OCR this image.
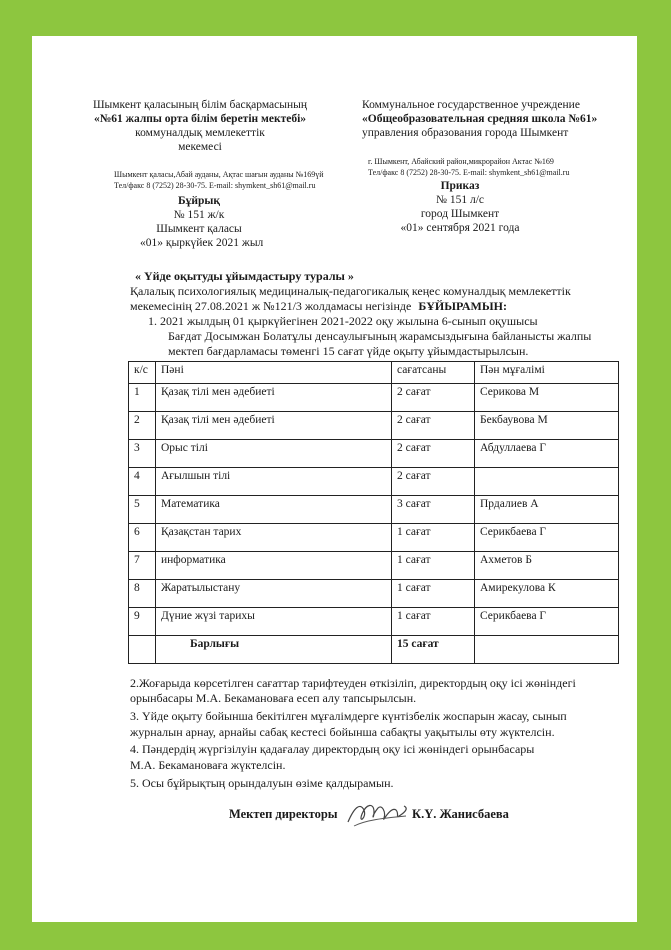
Шымкент қаласының білім басқармасының
«№61 жалпы орта білім беретін мектебі»
коммуналдық мемлекеттік
мекемесі
Шымкент қаласы,Абай ауданы, Ақтас шағын ауданы №169үй
Тел/факс 8 (7252) 28-30-75. E-mail: shymkent_sh61@mail.ru
Бұйрық
№ 151 ж/к
Шымкент қаласы
«01» қыркүйек 2021 жыл
Коммунальное государственное учреждение
«Общеобразовательная средняя школа №61»
управления образования города Шымкент
г. Шымкент, Абайский район,микрорайон Актас №169
Тел/факс 8 (7252) 28-30-75. E-mail: shymkent_sh61@mail.ru
Приказ
№ 151 л/с
город Шымкент
«01» сентября 2021 года
« Үйде оқытуды ұйымдастыру туралы »
Қалалық психологиялық медициналық-педагогикалық кеңес комуналдық мемлекеттік
мекемесінің 27.08.2021 ж №121/3 жолдамасы негізінде БҰЙЫРАМЫН:
1. 2021 жылдың 01 қыркүйегінен 2021-2022 оқу жылына 6-сынып оқушысы
Бағдат Досымжан Болатұлы денсаулығының жарамсыздығына байланысты жалпы
мектеп бағдарламасы төменгі 15 сағат үйде оқыту ұйымдастырылсын.
к/с	Пәні	сағатсаны	Пән мұғалімі
1	Қазақ тілі мен әдебиеті	2 сағат	Серикова М
2	Қазақ тілі мен әдебиеті	2 сағат	Бекбаувова М
3	Орыс тілі	2 сағат	Абдуллаева Г
4	Ағылшын тілі	2 сағат	
5	Математика	3 сағат	Прдалиев А
6	Қазақстан тарих	1 сағат	Серикбаева Г
7	информатика	1 сағат	Ахметов Б
8	Жаратылыстану	1 сағат	Амирекулова К
9	Дүние жүзі тарихы	1 сағат	Серикбаева Г
	Барлығы	15 сағат	
2.Жоғарыда көрсетілген сағаттар тарифтеуден өткізіліп, директордың оқу ісі жөніндегі
орынбасары М.А. Бекамановаға есеп алу тапсырылсын.
3. Үйде оқыту бойынша бекітілген мұғалімдерге күнтізбелік жоспарын жасау, сынып
журналын арнау, арнайы сабақ кестесі бойынша сабақты уақытылы өту жүктелсін.
4. Пәндердің жүргізілуін қадағалау директордың оқу ісі жөніндегі орынбасары
М.А. Бекамановаға жүктелсін.
5. Осы бұйрықтың орындалуын өзіме қалдырамын.
Мектеп директоры	К.Ү. Жанисбаева
